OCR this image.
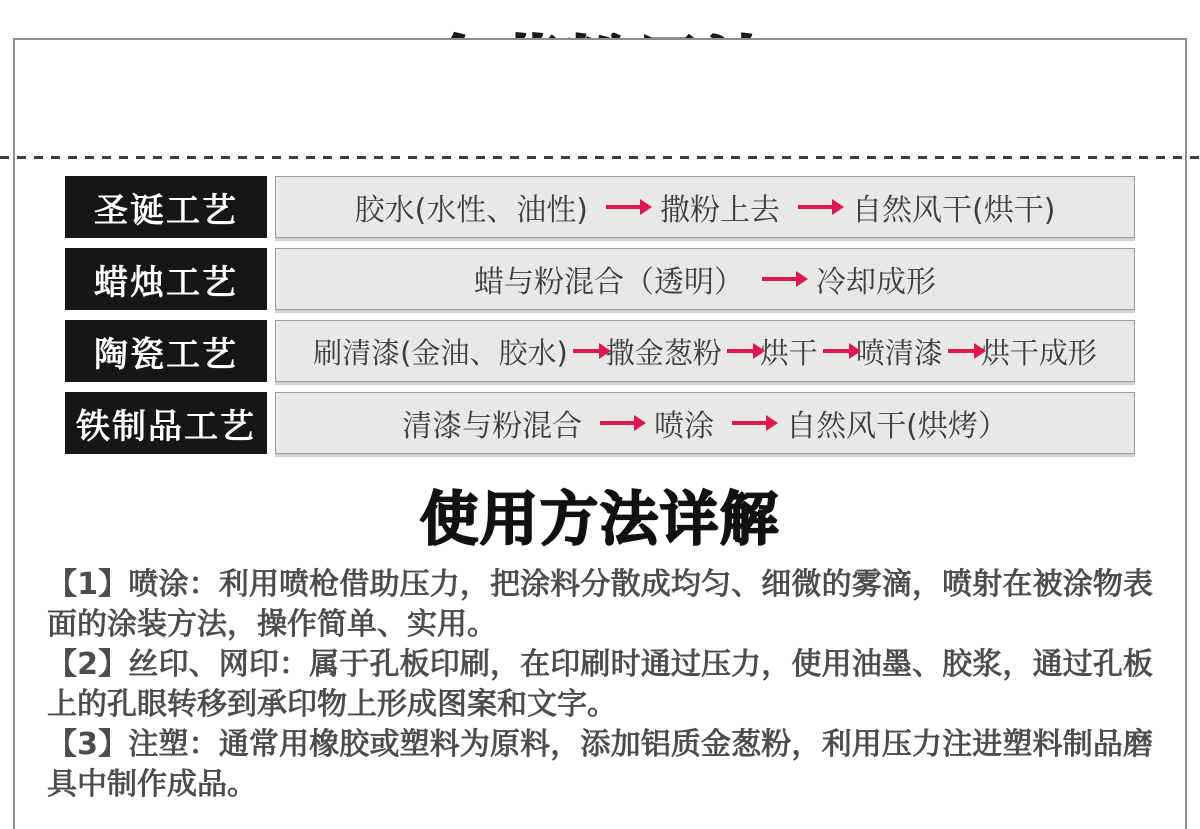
圣诞工艺	胶水(水性、油性) 撒粉上去 自然风干(烘干)
蜡烛工艺	蜡与粉混合（透明） 冷却成形
陶瓷工艺	刷清漆(金油、胶水) 撒金葱粉 烘干 喷清漆 烘干成形
铁制品工艺	清漆与粉混合 喷涂 自然风干(烘烤）
使用方法详解

【1】喷涂：利用喷枪借助压力，把涂料分散成均匀、细微的雾滴，喷射在被涂物表面的涂装方法，操作简单、实用。

【2】丝印、网印：属于孔板印刷，在印刷时通过压力，使用油墨、胶浆，通过孔板上的孔眼转移到承印物上形成图案和文字。

【3】注塑：通常用橡胶或塑料为原料，添加铝质金葱粉，利用压力注进塑料制品磨具中制作成品。
